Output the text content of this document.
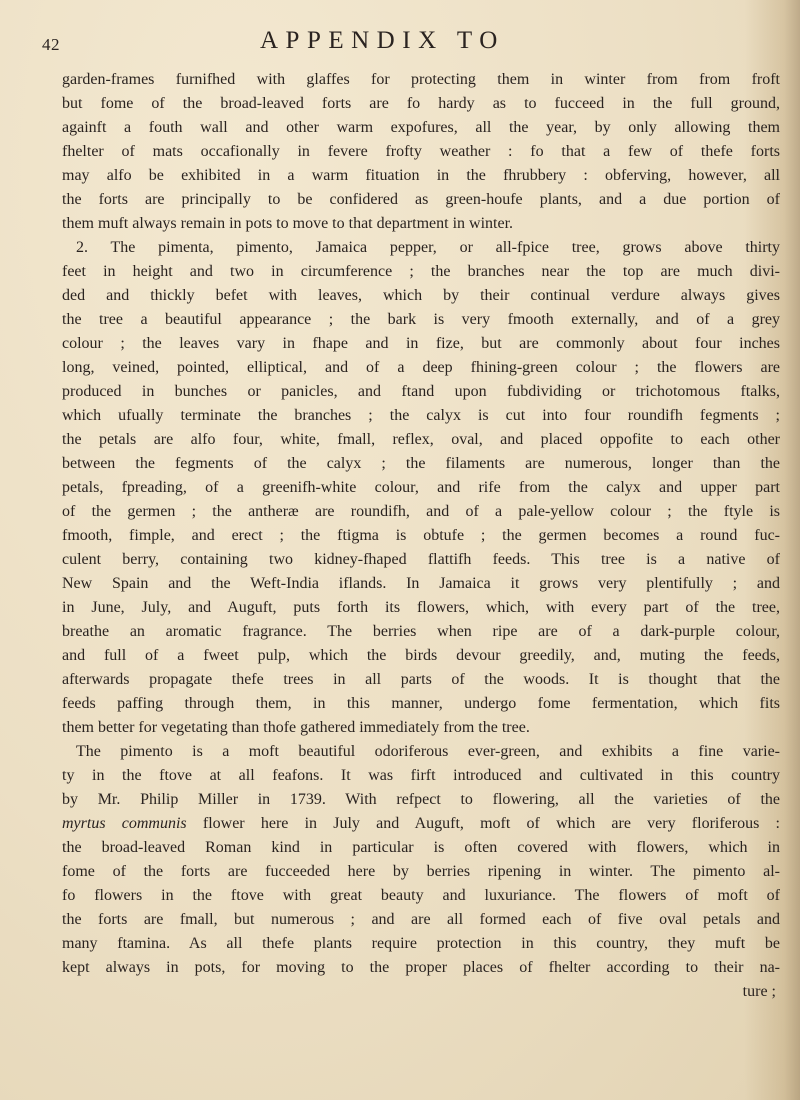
42	APPENDIX TO
garden-frames furnifhed with glaffes for protecting them in winter from from froft
but fome of the broad-leaved forts are fo hardy as to fucceed in the full ground,
againft a fouth wall and other warm expofures, all the year, by only allowing them
fhelter of mats occafionally in fevere frofty weather : fo that a few of thefe forts
may alfo be exhibited in a warm fituation in the fhrubbery : obferving, however, all
the forts are principally to be confidered as green-houfe plants, and a due portion of
them muft always remain in pots to move to that department in winter.
2. The pimenta, pimento, Jamaica pepper, or all-fpice tree, grows above thirty
feet in height and two in circumference ; the branches near the top are much divi-
ded and thickly befet with leaves, which by their continual verdure always gives
the tree a beautiful appearance ; the bark is very fmooth externally, and of a grey
colour ; the leaves vary in fhape and in fize, but are commonly about four inches
long, veined, pointed, elliptical, and of a deep fhining-green colour ; the flowers are
produced in bunches or panicles, and ftand upon fubdividing or trichotomous ftalks,
which ufually terminate the branches ; the calyx is cut into four roundifh fegments ;
the petals are alfo four, white, fmall, reflex, oval, and placed oppofite to each other
between the fegments of the calyx ; the filaments are numerous, longer than the
petals, fpreading, of a greenifh-white colour, and rife from the calyx and upper part
of the germen ; the antheræ are roundifh, and of a pale-yellow colour ; the ftyle is
fmooth, fimple, and erect ; the ftigma is obtufe ; the germen becomes a round fuc-
culent berry, containing two kidney-fhaped flattifh feeds. This tree is a native of
New Spain and the Weft-India iflands. In Jamaica it grows very plentifully ; and
in June, July, and Auguft, puts forth its flowers, which, with every part of the tree,
breathe an aromatic fragrance. The berries when ripe are of a dark-purple colour,
and full of a fweet pulp, which the birds devour greedily, and, muting the feeds,
afterwards propagate thefe trees in all parts of the woods. It is thought that the
feeds paffing through them, in this manner, undergo fome fermentation, which fits
them better for vegetating than thofe gathered immediately from the tree.
The pimento is a moft beautiful odoriferous ever-green, and exhibits a fine varie-
ty in the ftove at all feafons. It was firft introduced and cultivated in this country
by Mr. Philip Miller in 1739. With refpect to flowering, all the varieties of the
myrtus communis flower here in July and Auguft, moft of which are very floriferous :
the broad-leaved Roman kind in particular is often covered with flowers, which in
fome of the forts are fucceeded here by berries ripening in winter. The pimento al-
fo flowers in the ftove with great beauty and luxuriance. The flowers of moft of
the forts are fmall, but numerous ; and are all formed each of five oval petals and
many ftamina. As all thefe plants require protection in this country, they muft be
kept always in pots, for moving to the proper places of fhelter according to their na-
ture ;
